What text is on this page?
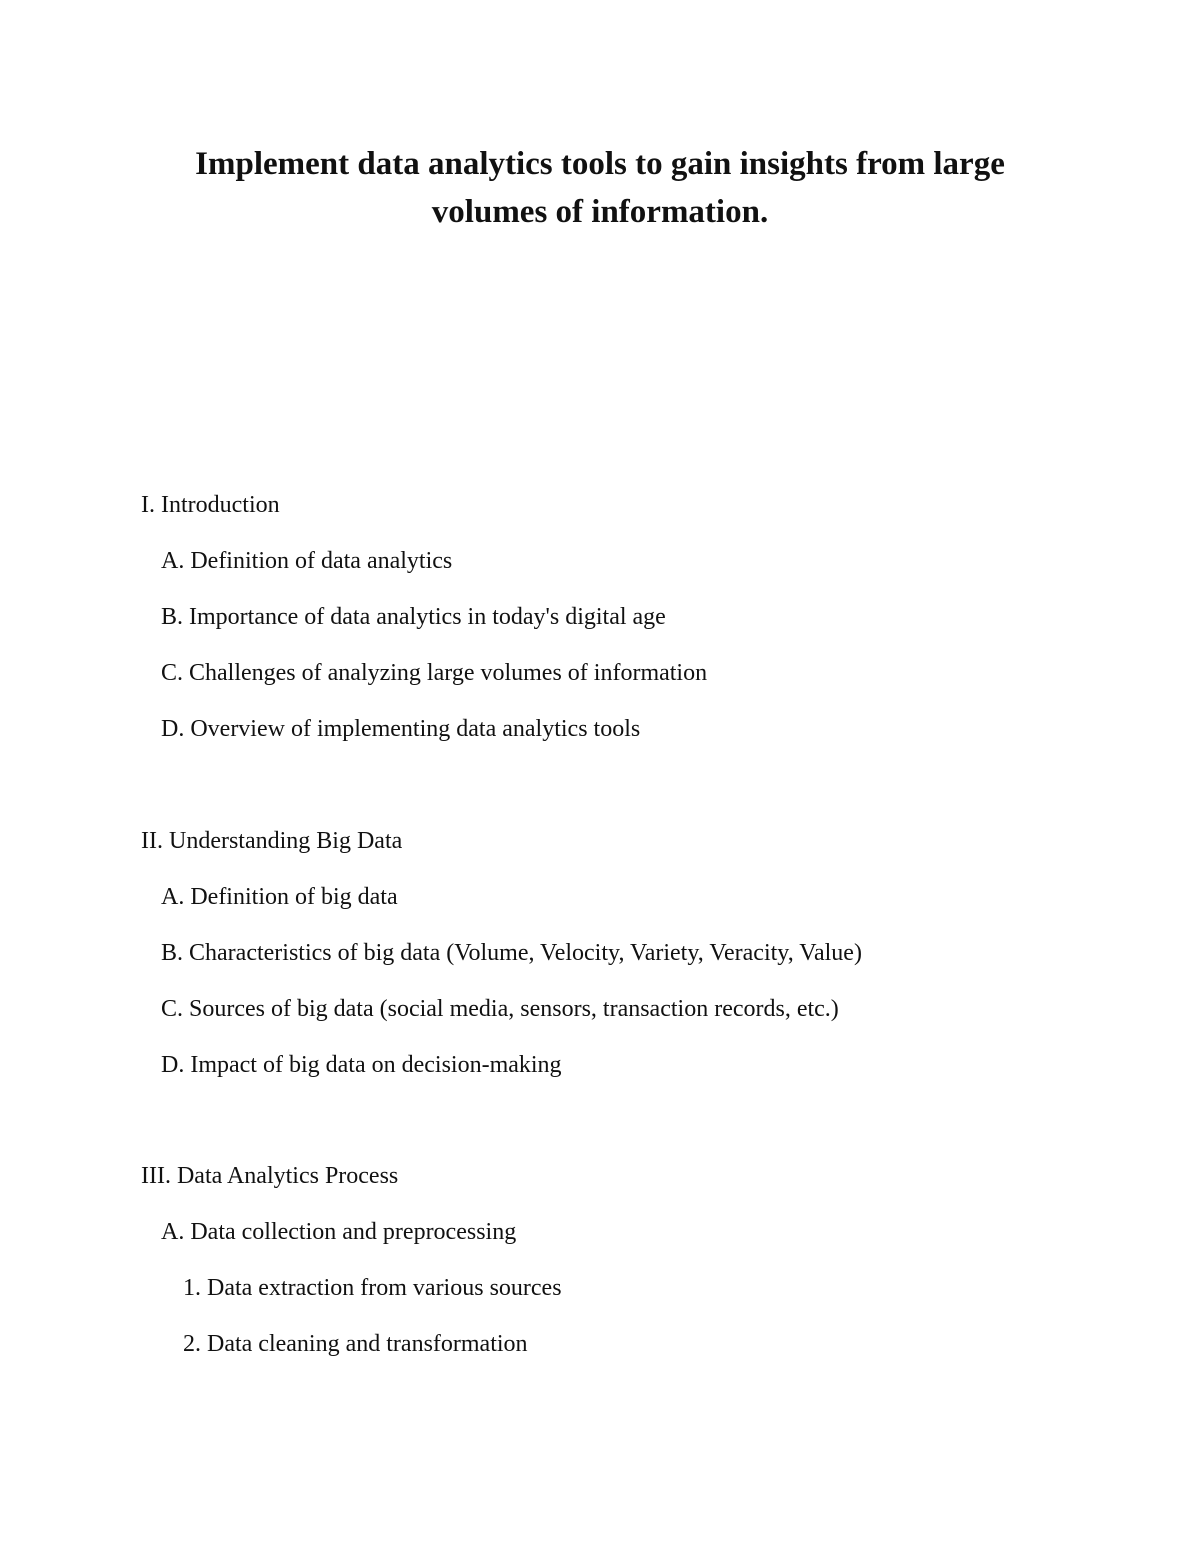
Implement data analytics tools to gain insights from large
volumes of information.
I. Introduction
A. Definition of data analytics
B. Importance of data analytics in today's digital age
C. Challenges of analyzing large volumes of information
D. Overview of implementing data analytics tools
II. Understanding Big Data
A. Definition of big data
B. Characteristics of big data (Volume, Velocity, Variety, Veracity, Value)
C. Sources of big data (social media, sensors, transaction records, etc.)
D. Impact of big data on decision-making
III. Data Analytics Process
A. Data collection and preprocessing
1. Data extraction from various sources
2. Data cleaning and transformation
